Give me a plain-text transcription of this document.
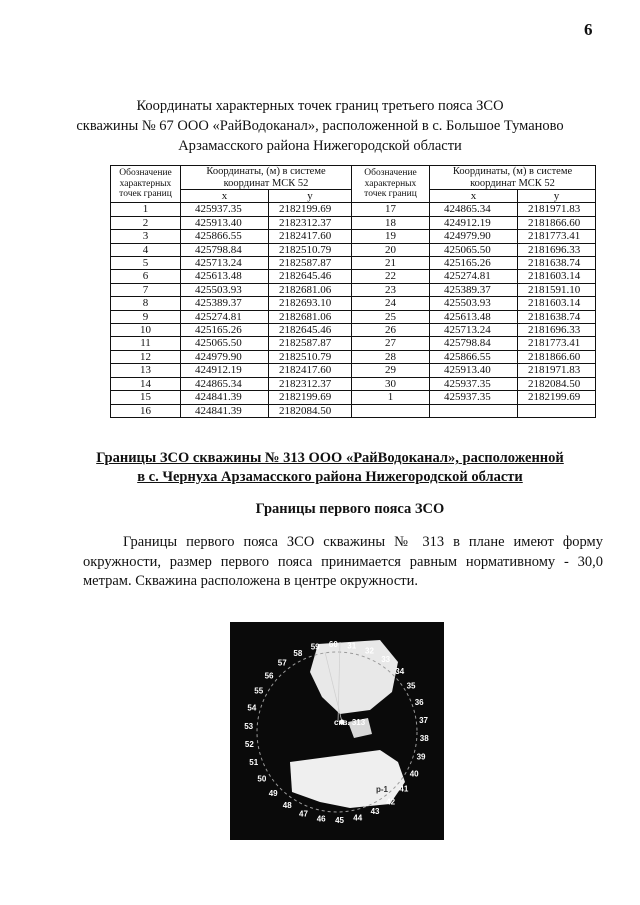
6
Координаты характерных точек границ третьего пояса ЗСО
скважины № 67 ООО «РайВодоканал», расположенной в с. Большое Туманово
Арзамасского района Нижегородской области
Обозначение характерных точек границ	Координаты, (м) в системе координат МСК 52		Обозначение характерных точек границ	Координаты, (м) в системе координат МСК 52	
	x	y		x	y
1	425937.35	2182199.69	17	424865.34	2181971.83
2	425913.40	2182312.37	18	424912.19	2181866.60
3	425866.55	2182417.60	19	424979.90	2181773.41
4	425798.84	2182510.79	20	425065.50	2181696.33
5	425713.24	2182587.87	21	425165.26	2181638.74
6	425613.48	2182645.46	22	425274.81	2181603.14
7	425503.93	2182681.06	23	425389.37	2181591.10
8	425389.37	2182693.10	24	425503.93	2181603.14
9	425274.81	2182681.06	25	425613.48	2181638.74
10	425165.26	2182645.46	26	425713.24	2181696.33
11	425065.50	2182587.87	27	425798.84	2181773.41
12	424979.90	2182510.79	28	425866.55	2181866.60
13	424912.19	2182417.60	29	425913.40	2181971.83
14	424865.34	2182312.37	30	425937.35	2182084.50
15	424841.39	2182199.69	1	425937.35	2182199.69
16	424841.39	2182084.50			
Границы ЗСО скважины № 313 ООО «РайВодоканал», расположенной
в с. Чернуха Арзамасского района Нижегородской области
Границы первого пояса ЗСО
Границы первого пояса ЗСО скважины № 313 в плане имеют форму окружности, размер первого пояса принимается равным нормативному - 30,0 метрам. Скважина расположена в центре окружности.
31
32
33
34
35
36
37
38
39
40
41
42
43
44
45
46
47
48
49
50
51
52
53
54
55
56
57
58
59 60
скв. 313
р-1
